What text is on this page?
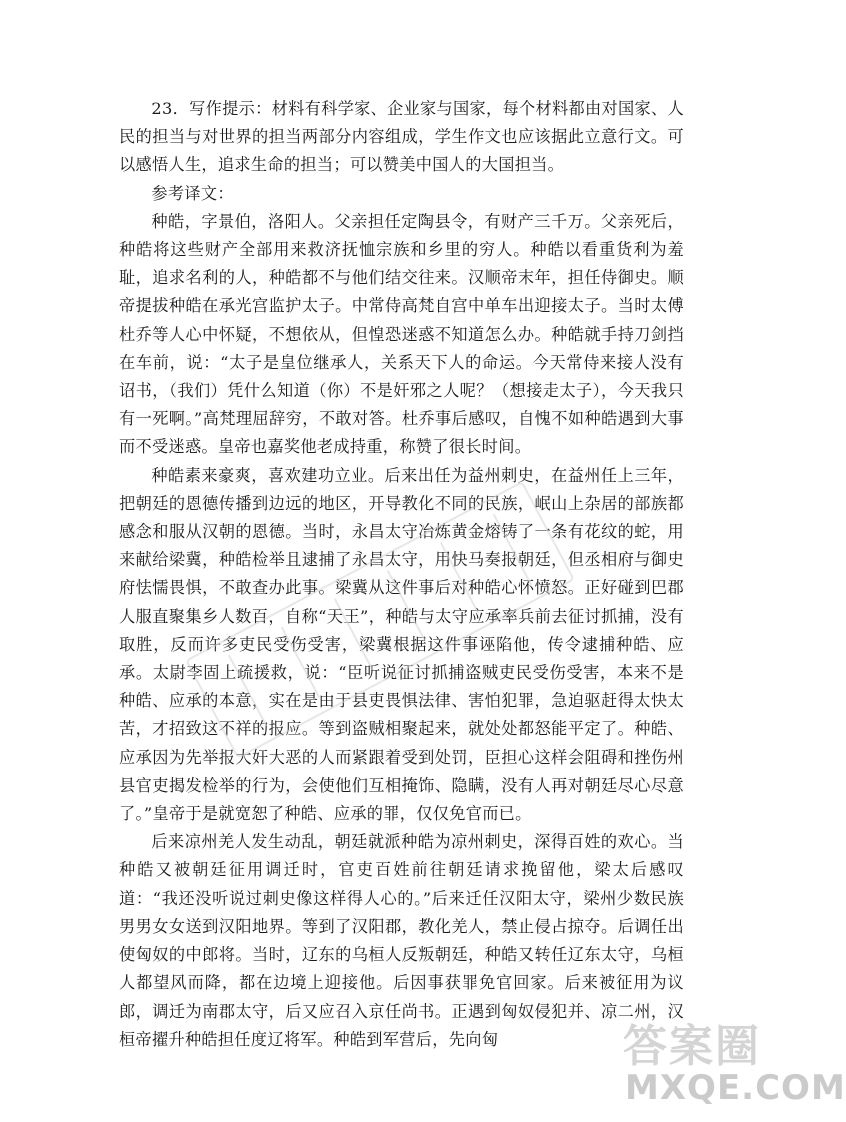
23．写作提示：材料有科学家、企业家与国家，每个材料都由对国家、人民的担当与对世界的担当两部分内容组成，学生作文也应该据此立意行文。可以感悟人生，追求生命的担当；可以赞美中国人的大国担当。

参考译文：

种皓，字景伯，洛阳人。父亲担任定陶县令，有财产三千万。父亲死后，种皓将这些财产全部用来救济抚恤宗族和乡里的穷人。种皓以看重货利为羞耻，追求名利的人，种皓都不与他们结交往来。汉顺帝末年，担任侍御史。顺帝提拔种皓在承光宫监护太子。中常侍高梵自宫中单车出迎接太子。当时太傅杜乔等人心中怀疑，不想依从，但惶恐迷惑不知道怎么办。种皓就手持刀剑挡在车前，说：“太子是皇位继承人，关系天下人的命运。今天常侍来接人没有诏书，（我们）凭什么知道（你）不是奸邪之人呢？（想接走太子），今天我只有一死啊。”高梵理屈辞穷，不敢对答。杜乔事后感叹，自愧不如种皓遇到大事而不受迷惑。皇帝也嘉奖他老成持重，称赞了很长时间。

种皓素来豪爽，喜欢建功立业。后来出任为益州刺史，在益州任上三年，把朝廷的恩德传播到边远的地区，开导教化不同的民族，岷山上杂居的部族都感念和服从汉朝的恩德。当时，永昌太守冶炼黄金熔铸了一条有花纹的蛇，用来献给梁冀，种皓检举且逮捕了永昌太守，用快马奏报朝廷，但丞相府与御史府怯懦畏惧，不敢查办此事。梁冀从这件事后对种皓心怀愤怒。正好碰到巴郡人服直聚集乡人数百，自称“天王”，种皓与太守应承率兵前去征讨抓捕，没有取胜，反而许多吏民受伤受害，梁冀根据这件事诬陷他，传令逮捕种皓、应承。太尉李固上疏援救，说：“臣听说征讨抓捕盗贼吏民受伤受害，本来不是种皓、应承的本意，实在是由于县吏畏惧法律、害怕犯罪，急迫驱赶得太快太苦，才招致这不祥的报应。等到盗贼相聚起来，就处处都怒能平定了。种皓、应承因为先举报大奸大恶的人而紧跟着受到处罚，臣担心这样会阻碍和挫伤州县官吏揭发检举的行为，会使他们互相掩饰、隐瞒，没有人再对朝廷尽心尽意了。”皇帝于是就宽恕了种皓、应承的罪，仅仅免官而已。

后来凉州羌人发生动乱，朝廷就派种皓为凉州刺史，深得百姓的欢心。当种皓又被朝廷征用调迁时，官吏百姓前往朝廷请求挽留他，梁太后感叹道：“我还没听说过刺史像这样得人心的。”后来迁任汉阳太守，梁州少数民族男男女女送到汉阳地界。等到了汉阳郡，教化羌人，禁止侵占掠夺。后调任出使匈奴的中郎将。当时，辽东的乌桓人反叛朝廷，种皓又转任辽东太守，乌桓人都望风而降，都在边境上迎接他。后因事获罪免官回家。后来被征用为议郎，调迁为南郡太守，后又应召入京任尚书。正遇到匈奴侵犯并、凉二州，汉桓帝擢升种皓担任度辽将军。种皓到军营后，先向匈	答案圈
MXQE.COM
